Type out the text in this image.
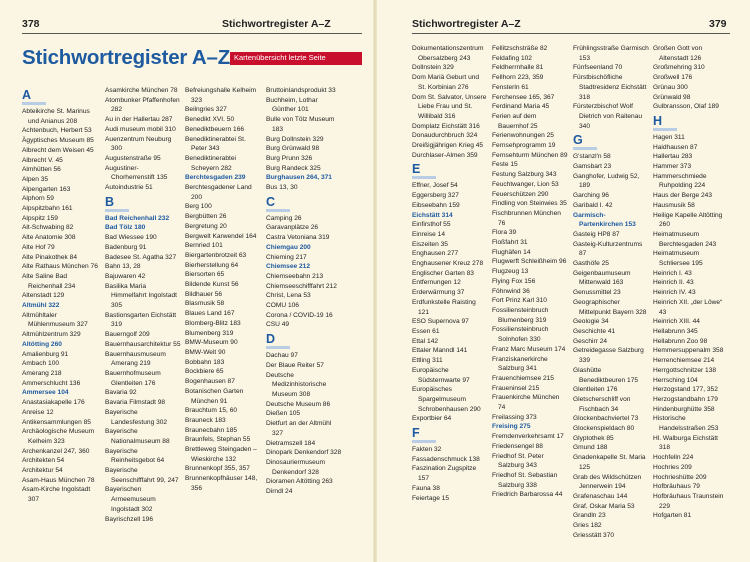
378	Stichwortregister A–Z
Stichwortregister A–Z Kartenübersicht letzte Seite
A
Abteikirche St. Marinus und Anianus 208
Achtenbuch, Herbert 53
Ägyptisches Museum 85
Albrecht dem Weisen 45
Albrecht V. 45
Almhütten 56
Alpen 35
Alpengarten 163
Alphorn 59
Alpspitzbahn 161
Alpspitz 159
Alt-Schwabing 82
Alte Anatomie 308
Alte Hof 79
Alte Pinakothek 84
Alte Rathaus München 76
Alte Saline Bad Reichenhall 234
Altenstadt 129
Altmühl 322
Altmühltaler Mühlenmuseum 327
Altmühlzentrum 329
Altötting 260
Amalienburg 91
Ambach 100
Amerang 218
Ammerschlucht 136
Ammersee 104
Anastasiakapelle 176
Anreise 12
Antikensammlungen 85
Archäologische Museum Kelheim 323
Archenkanzel 247, 360
Architekten 54
Architektur 54
Asam-Haus München 78
Asam-Kirche Ingolstadt 307
Asamkirche München 78
Atombunker Pfaffenhofen 282
Au in der Hallertau 287
Audi museum mobil 310
Auenzentrum Neuburg 300
Augustenstraße 95
Augustiner-Chorherrenstift 135
Autoindustrie 51
B
Bad Reichenhall 232
Bad Tölz 180
Bad Wiessee 190
Badenburg 91
Badesee St. Agatha 327
Bahn 13, 28
Bajuwaren 42
Basilika Maria Himmelfahrt Ingolstadt 305
Bastionsgarten Eichstätt 319
Bauerngolf 209
Bauernhausarchitektur 55
Bauernhausmuseum Amerang 219
Bauernhofmuseum Glentleiten 176
Bavaria 92
Bavaria Filmstadt 98
Bayerische Landesfestung 302
Bayerische Nationalmuseum 88
Bayerische Reinheitsgebot 64
Bayerische Seenschifffahrt 99, 247
Bayerischen Armeemuseum Ingolstadt 302
Bayrischzell 196
Befreiungshalle Kelheim 323
Beilngries 327
Benedikt XVI. 50
Benediktbeuern 166
Benediktinerabtei St. Peter 343
Benediktinerabtei Scheyern 282
Berchtesgaden 239
Berchtesgadener Land 200
Berg 100
Bergbütten 26
Bergretung 20
Bergwelt Karwendel 164
Bernried 101
Biergartenbrotzeit 63
Bierherstellung 64
Biersorten 65
Bildende Kunst 56
Bildhauer 56
Blasmusik 58
Blaues Land 167
Blomberg-Blitz 183
Blumenberg 319
BMW-Museum 90
BMW-Welt 90
Bobbahn 183
Bockbiere 65
Bogenhausen 87
Botanischen Garten München 91
Brauchtum 15, 60
Brauneck 183
Braunecbahn 185
Braunfels, Stephan 55
Brettleweg Steingaden – Wieskirche 132
Brunnenkopf 355, 357
Brunnenkopfhäuser 148, 356
Bruttoinlandsprodukt 33
Buchheim, Lothar Günther 101
Bulle von Tölz Museum 183
Burg Dollnstein 329
Burg Grünwald 98
Burg Prunn 326
Burg Randeck 325
Burghausen 264, 371
Bus 13, 30
C
Camping 26
Garavanplätze 26
Castra Vetoniana 319
Chiemgau 200
Chieming 217
Chiemsee 212
Chiemseebahn 213
Chiemseeschifffahrt 212
Christ, Lena 53
COMU 106
Corona / COVID-19 16
CSU 49
D
Dachau 97
Der Blaue Reiter 57
Deutsche Medizinhistorische Museum 308
Deutsche Museum 86
Dießen 105
Dietfurt an der Altmühl 327
Dietramszell 184
Dinopark Denkendorf 328
Dinosauriermuseum Denkendorf 328
Dioramen Altötting 263
Dirndl 24
Stichwortregister A–Z	379
Dokumentationszentrum Obersalzberg 243
Dollnstein 329
Dom Mariä Geburt und St. Korbinian 276
Dom St. Salvator, Unsere Liebe Frau und St. Willibald 316
Domplatz Eichstätt 316
Donaudurchbruch 324
Dreißigjährigen Krieg 45
Durchlaser-Almen 359
E
Effner, Josef 54
Eggersberg 327
Eibseebahn 159
Eichstätt 314
Einfirsthof 55
Einreise 14
Eiszeiten 35
Enghausen 277
Enghausener Kreuz 278
Englischer Garten 83
Entfernungen 12
Erderwärmung 37
Erdfunkstelle Raisting 121
ESO Supernova 97
Essen 61
Ettal 142
Ettaler Manndl 141
Ettling 311
Europäische Südsternwarte 97
Europäisches Spargelmuseum Schrobenhausen 290
Exportbier 64
F
Fakten 32
Fassadenschmuck 138
Faszination Zugspitze 157
Fauna 38
Feiertage 15
Fellitzschsträße 82
Feldafing 102
Feldherrnhalle 81
Fellhorn 223, 359
Fensterln 61
Ferchensee 165, 367
Ferdinand Maria 45
Ferien auf dem Bauernhof 25
Ferienwohnungen 25
Fernsehprogramm 19
Fernsehturm München 89
Feste 15
Festung Salzburg 343
Feuchtwanger, Lion 53
Feuerschützen 290
Findling von Steinwies 35
Fischbrunnen München 76
Flora 39
Floßfahrt 31
Flughäfen 14
Flugwerft Schleißheim 96
Flugzeug 13
Flying Fox 156
Föhnwind 36
Fort Prinz Karl 310
Fossiliensteinbruch Blumenberg 319
Fossiliensteinbruch Solnhofen 330
Franz Marc Museum 174
Franziskanerkirche Salzburg 341
Frauenchiemsee 215
Fraueninsel 215
Frauenkirche München 74
Freilassing 373
Freising 275
Fremdenverkehrsamt 17
Friedensengel 88
Friedhof St. Peter Salzburg 343
Friedhof St. Sebastian Salzburg 338
Friedrich Barbarossa 44
Frühlingsstraße Garmisch 153
Fünfseenland 70
Fürstbischöfliche Stadtresidenz Eichstätt 318
Fürsterzbischof Wolf Dietrich von Raitenau 340
G
G'stanzl'n 58
Gamsbart 23
Ganghofer, Ludwig 52, 189
Garching 96
Garibald I. 42
Garmisch-Partenkirchen 153
Gasteig HP8 87
Gasteig-Kulturzentrums 87
Gasthöfe 25
Geigenbaumuseum Mittenwald 163
Genussmittel 23
Geographischer Mittelpunkt Bayern 328
Geologie 34
Geschichte 41
Geschirr 24
Getreidegasse Salzburg 339
Glashütte Benediktbeuren 175
Glentleiten 176
Gletscherschliff von Fischbach 34
Glockenbachviertel 73
Glockenspieldach 80
Glyptothek 85
Gmund 188
Gnadenkapelle St. Maria 125
Grab des Wildschützen Jennerwein 194
Grafenaschau 144
Graf, Oskar Maria 53
Grandln 23
Gries 182
Griesstätt 370
Großen Gott von Altenstadt 126
Großmehring 310
Großwell 176
Grünau 300
Grünwald 98
Gulbransson, Olaf 189
H
Hagen 311
Haidhausen 87
Hallertau 283
Hammer 373
Hammerschmiede Ruhpolding 224
Haus der Berge 243
Hausmusik 58
Heilige Kapelle Altötting 260
Heimatmuseum Berchtesgaden 243
Heimatmuseum Schliersee 195
Heinrich I. 43
Heinrich II. 43
Heinrich IV. 43
Heinrich XII. „der Löwe“ 43
Heinrich XIII. 44
Hellabrunn 345
Hellabrunn Zoo 98
Hemmersuppenalm 358
Herrenchiemsee 214
Herrgottschnitzer 138
Herrsching 104
Herzogstand 177, 352
Herzogstandbahn 179
Hindenburghütte 358
Historische Handelsstraßen 253
Hl. Walburga Eichstätt 318
Hochfelln 224
Hochries 209
Hochrieshütte 209
Hofbräuhaus 79
Hofbräuhaus Traunstein 229
Hofgarten 81
